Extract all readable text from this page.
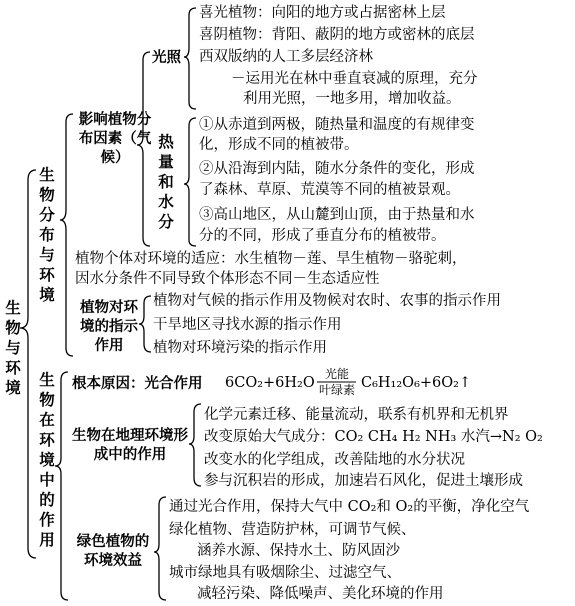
生物与环境
生物分布与环境
影响植物分布因素（气候）
光照
喜光植物：向阳的地方或占据密林上层
喜阴植物：背阳、蔽阴的地方或密林的底层
西双版纳的人工多层经济林
－运用光在林中垂直衰减的原理，充分
利用光照，一地多用，增加收益。
热量和水分
①从赤道到两极，随热量和温度的有规律变
化，形成不同的植被带。
②从沿海到内陆，随水分条件的变化，形成
了森林、草原、荒漠等不同的植被景观。
③高山地区，从山麓到山顶，由于热量和水
分的不同，形成了垂直分布的植被带。
植物个体对环境的适应：水生植物－莲、旱生植物－骆驼刺，
因水分条件不同导致个体形态不同－生态适应性
植物对环境的指示作用
植物对气候的指示作用及物候对农时、农事的指示作用
干旱地区寻找水源的指示作用
植物对环境污染的指示作用
生物在环境中的作用
根本原因：光合作用 6CO₂+6H₂O
光能
叶绿素 C₆H₁₂O₆+6O₂↑
生物在地理环境形成中的作用
化学元素迁移、能量流动，联系有机界和无机界
改变原始大气成分：CO₂ CH₄ H₂ NH₃ 水汽→N₂ O₂
改变水的化学组成，改善陆地的水分状况
参与沉积岩的形成，加速岩石风化，促进土壤形成
绿色植物的环境效益
通过光合作用，保持大气中 CO₂和 O₂的平衡，净化空气
绿化植物、营造防护林，可调节气候、
涵养水源、保持水土、防风固沙
城市绿地具有吸烟除尘、过滤空气、
减轻污染、降低噪声、美化环境的作用
